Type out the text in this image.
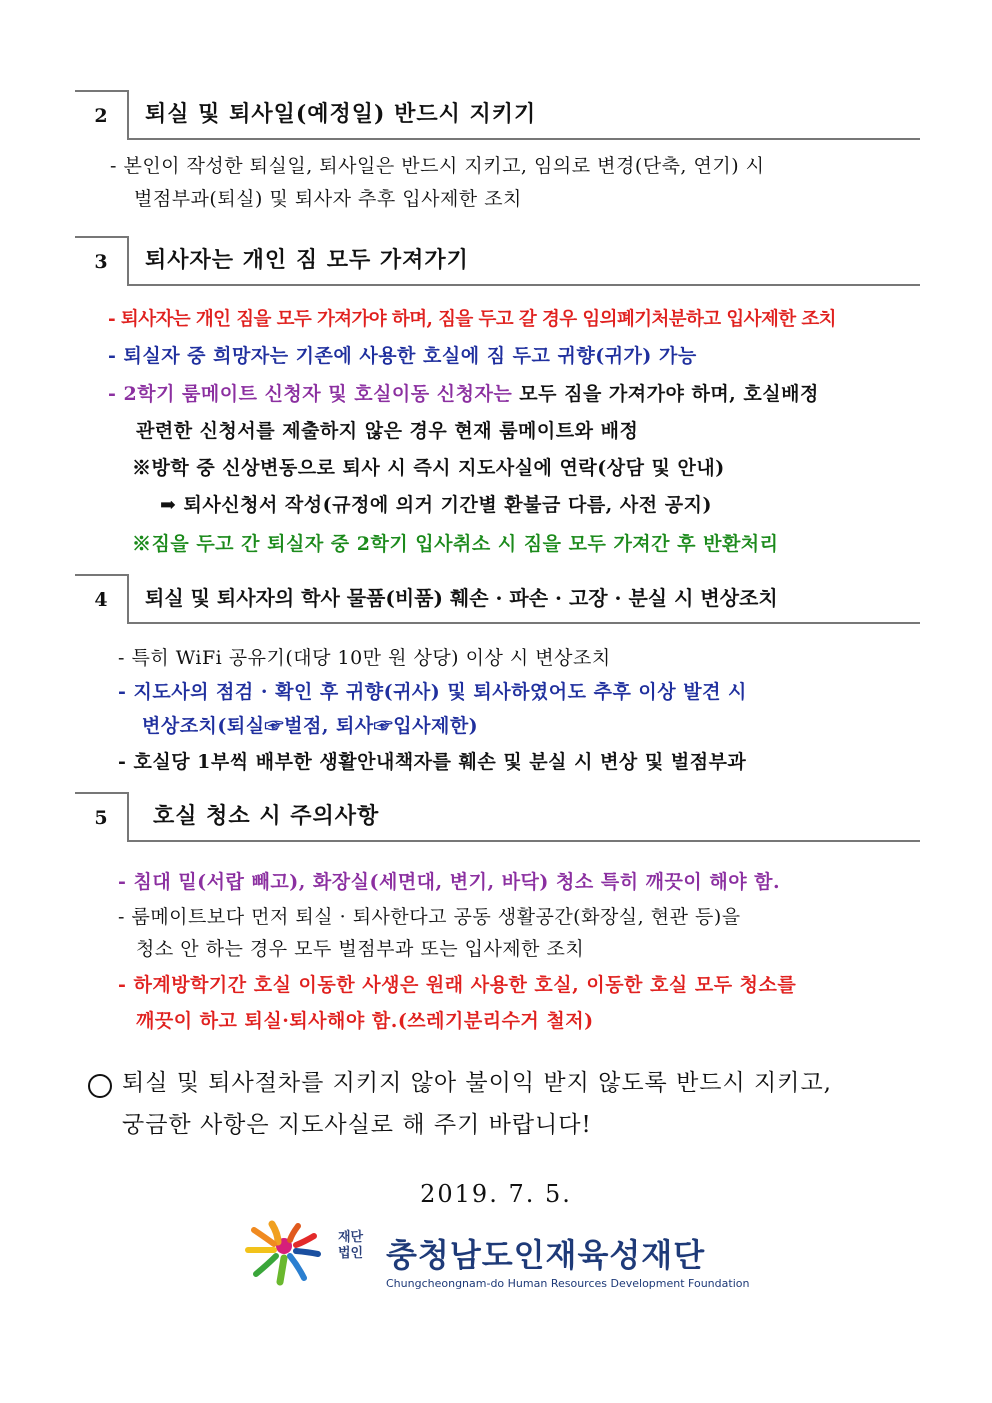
2	퇴실 및 퇴사일(예정일) 반드시 지키기
- 본인이 작성한 퇴실일, 퇴사일은 반드시 지키고, 임의로 변경(단축, 연기) 시
벌점부과(퇴실) 및 퇴사자 추후 입사제한 조치
3	퇴사자는 개인 짐 모두 가져가기
- 퇴사자는 개인 짐을 모두 가져가야 하며, 짐을 두고 갈 경우 임의폐기처분하고 입사제한 조치
- 퇴실자 중 희망자는 기존에 사용한 호실에 짐 두고 귀향(귀가) 가능
- 2학기 룸메이트 신청자 및 호실이동 신청자는 모두 짐을 가져가야 하며, 호실배정
관련한 신청서를 제출하지 않은 경우 현재 룸메이트와 배정
※방학 중 신상변동으로 퇴사 시 즉시 지도사실에 연락(상담 및 안내)
➡ 퇴사신청서 작성(규정에 의거 기간별 환불금 다름, 사전 공지)
※짐을 두고 간 퇴실자 중 2학기 입사취소 시 짐을 모두 가져간 후 반환처리
4	퇴실 및 퇴사자의 학사 물품(비품) 훼손 · 파손 · 고장 · 분실 시 변상조치
- 특히 WiFi 공유기(대당 10만 원 상당) 이상 시 변상조치
- 지도사의 점검 · 확인 후 귀향(귀사) 및 퇴사하였어도 추후 이상 발견 시
변상조치(퇴실☞벌점, 퇴사☞입사제한)
- 호실당 1부씩 배부한 생활안내책자를 훼손 및 분실 시 변상 및 벌점부과
5	호실 청소 시 주의사항
- 침대 밑(서랍 빼고), 화장실(세면대, 변기, 바닥) 청소 특히 깨끗이 해야 함.
- 룸메이트보다 먼저 퇴실 · 퇴사한다고 공동 생활공간(화장실, 현관 등)을
청소 안 하는 경우 모두 벌점부과 또는 입사제한 조치
- 하계방학기간 호실 이동한 사생은 원래 사용한 호실, 이동한 호실 모두 청소를
깨끗이 하고 퇴실·퇴사해야 함.(쓰레기분리수거 철저)
퇴실 및 퇴사절차를 지키지 않아 불이익 받지 않도록 반드시 지키고,
궁금한 사항은 지도사실로 해 주기 바랍니다!
2019. 7. 5.
재단
법인 충청남도인재육성재단
Chungcheongnam-do Human Resources Development Foundation
